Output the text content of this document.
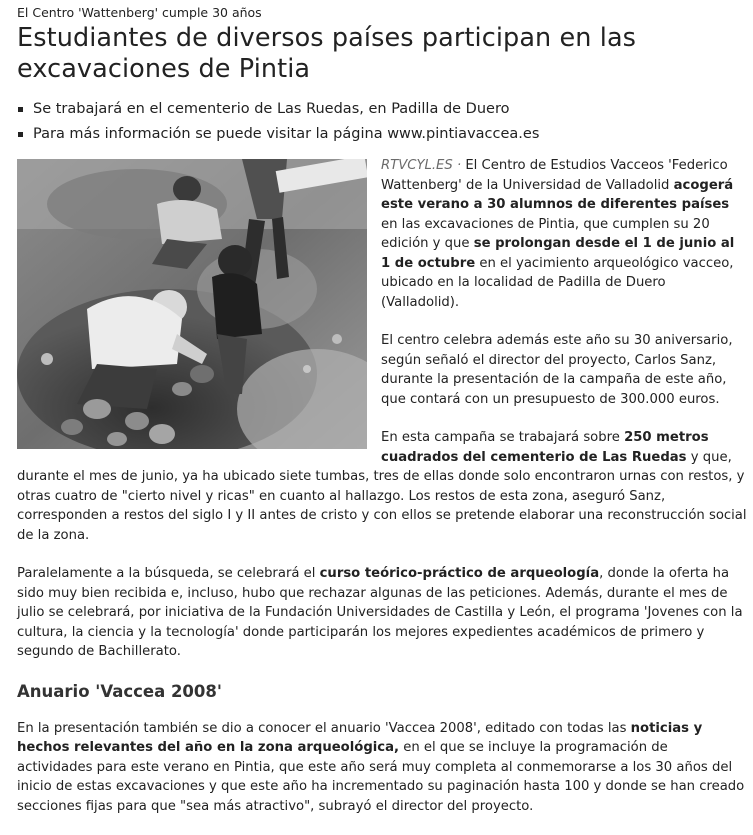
El Centro 'Wattenberg' cumple 30 años
Estudiantes de diversos países participan en las excavaciones de Pintia
Se trabajará en el cementerio de Las Ruedas, en Padilla de Duero
Para más información se puede visitar la página www.pintiavaccea.es

RTVCYL.ES · El Centro de Estudios Vacceos 'Federico Wattenberg' de la Universidad de Valladolid acogerá este verano a 30 alumnos de diferentes países en las excavaciones de Pintia, que cumplen su 20 edición y que se prolongan desde el 1 de junio al 1 de octubre en el yacimiento arqueológico vacceo, ubicado en la localidad de Padilla de Duero (Valladolid).

El centro celebra además este año su 30 aniversario, según señaló el director del proyecto, Carlos Sanz, durante la presentación de la campaña de este año, que contará con un presupuesto de 300.000 euros.

En esta campaña se trabajará sobre 250 metros cuadrados del cementerio de Las Ruedas y que, durante el mes de junio, ya ha ubicado siete tumbas, tres de ellas donde solo encontraron urnas con restos, y otras cuatro de "cierto nivel y ricas" en cuanto al hallazgo. Los restos de esta zona, aseguró Sanz, corresponden a restos del siglo I y II antes de cristo y con ellos se pretende elaborar una reconstrucción social de la zona.

Paralelamente a la búsqueda, se celebrará el curso teórico-práctico de arqueología, donde la oferta ha sido muy bien recibida e, incluso, hubo que rechazar algunas de las peticiones. Además, durante el mes de julio se celebrará, por iniciativa de la Fundación Universidades de Castilla y León, el programa 'Jovenes con la cultura, la ciencia y la tecnología' donde participarán los mejores expedientes académicos de primero y segundo de Bachillerato.

Anuario 'Vaccea 2008'

En la presentación también se dio a conocer el anuario 'Vaccea 2008', editado con todas las noticias y hechos relevantes del año en la zona arqueológica, en el que se incluye la programación de actividades para este verano en Pintia, que este año será muy completa al conmemorarse a los 30 años del inicio de estas excavaciones y que este año ha incrementado su paginación hasta 100 y donde se han creado secciones fijas para que "sea más atractivo", subrayó el director del proyecto.
